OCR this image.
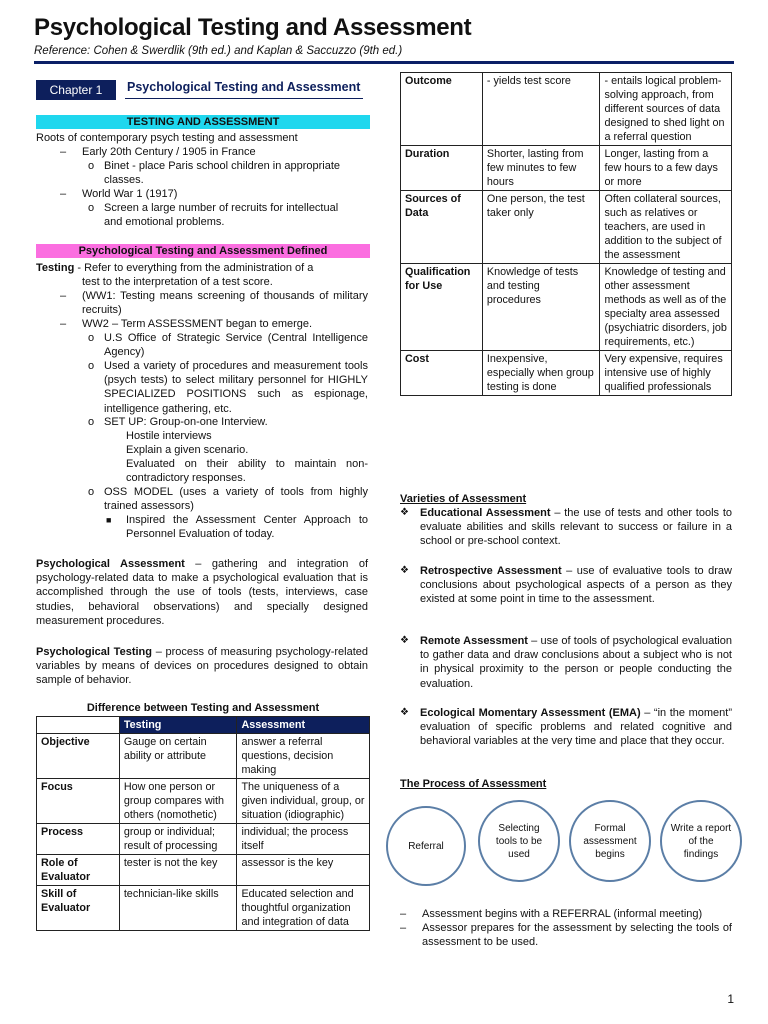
Psychological Testing and Assessment
Reference: Cohen & Swerdlik (9th ed.) and Kaplan & Saccuzzo (9th ed.)
Chapter 1	Psychological Testing and Assessment
TESTING AND ASSESSMENT
Roots of contemporary psych testing and assessment
– Early 20th Century / 1905 in France
o Binet - place Paris school children in appropriate
classes.
– World War 1 (1917)
o Screen a large number of recruits for intellectual
and emotional problems.
Psychological Testing and Assessment Defined
Testing - Refer to everything from the administration of a
test to the interpretation of a test score.
– (WW1: Testing means screening of thousands of military recruits)
– WW2 – Term ASSESSMENT began to emerge.
o U.S Office of Strategic Service (Central Intelligence Agency)
o Used a variety of procedures and measurement tools (psych tests) to select military personnel for HIGHLY SPECIALIZED POSITIONS such as espionage, intelligence gathering, etc.
o SET UP: Group-on-one Interview.
Hostile interviews
Explain a given scenario.
Evaluated on their ability to maintain non-contradictory responses.
o OSS MODEL (uses a variety of tools from highly trained assessors)
■ Inspired the Assessment Center Approach to Personnel Evaluation of today.
Psychological Assessment – gathering and integration of psychology-related data to make a psychological evaluation that is accomplished through the use of tools (tests, interviews, case studies, behavioral observations) and specially designed measurement procedures.
Psychological Testing – process of measuring psychology-related variables by means of devices on procedures designed to obtain sample of behavior.
Difference between Testing and Assessment
	Testing	Assessment
Objective	Gauge on certain ability or attribute	answer a referral questions, decision making
Focus	How one person or group compares with others (nomothetic)	The uniqueness of a given individual, group, or situation (idiographic)
Process	group or individual; result of processing	individual; the process itself
Role of Evaluator	tester is not the key	assessor is the key
Skill of Evaluator	technician-like skills	Educated selection and thoughtful organization and integration of data
Outcome	- yields test score	- entails logical problem-solving approach, from different sources of data designed to shed light on a referral question
Duration	Shorter, lasting from few minutes to few hours	Longer, lasting from a few hours to a few days or more
Sources of Data	One person, the test taker only	Often collateral sources, such as relatives or teachers, are used in addition to the subject of the assessment
Qualification for Use	Knowledge of tests and testing procedures	Knowledge of testing and other assessment methods as well as of the specialty area assessed (psychiatric disorders, job requirements, etc.)
Cost	Inexpensive, especially when group testing is done	Very expensive, requires intensive use of highly qualified professionals
Varieties of Assessment
❖ Educational Assessment – the use of tests and other tools to evaluate abilities and skills relevant to success or failure in a school or pre-school context.
❖ Retrospective Assessment – use of evaluative tools to draw conclusions about psychological aspects of a person as they existed at some point in time to the assessment.
❖ Remote Assessment – use of tools of psychological evaluation to gather data and draw conclusions about a subject who is not in physical proximity to the person or people conducting the evaluation.
❖ Ecological Momentary Assessment (EMA) – “in the moment” evaluation of specific problems and related cognitive and behavioral variables at the very time and place that they occur.
The Process of Assessment
Referral
Selecting tools to be used
Formal assessment begins
Write a report of the findings
– Assessment begins with a REFERRAL (informal meeting)
– Assessor prepares for the assessment by selecting the tools of assessment to be used.
1
